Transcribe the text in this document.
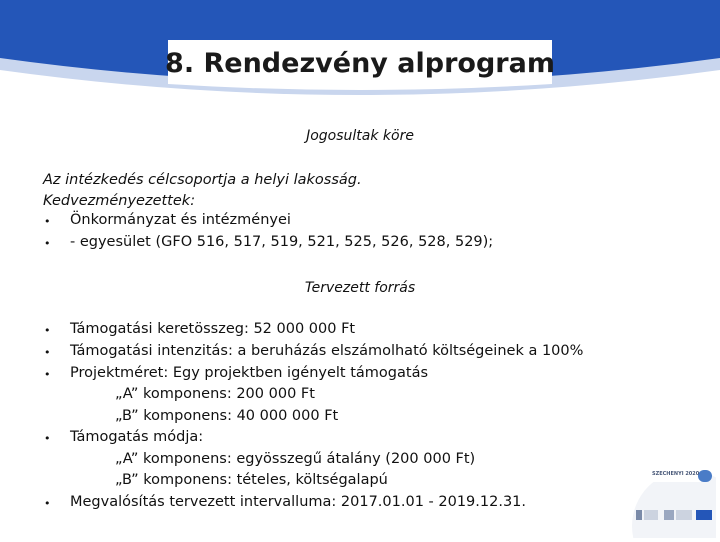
8. Rendezvény alprogram
Jogosultak köre
Az intézkedés célcsoportja a helyi lakosság.
Kedvezményezettek:
• Önkormányzat és intézményei
• - egyesület (GFO 516, 517, 519, 521, 525, 526, 528, 529);
Tervezett forrás
• Támogatási keretösszeg: 52 000 000 Ft
• Támogatási intenzitás: a beruházás elszámolható költségeinek a 100%
• Projektméret: Egy projektben igényelt támogatás
„A” komponens: 200 000 Ft
„B” komponens: 40 000 000 Ft
• Támogatás módja:
„A” komponens: egyösszegű átalány (200 000 Ft)
„B” komponens: tételes, költségalapú
• Megvalósítás tervezett intervalluma: 2017.01.01 - 2019.12.31.
SZECHENYI 2020
